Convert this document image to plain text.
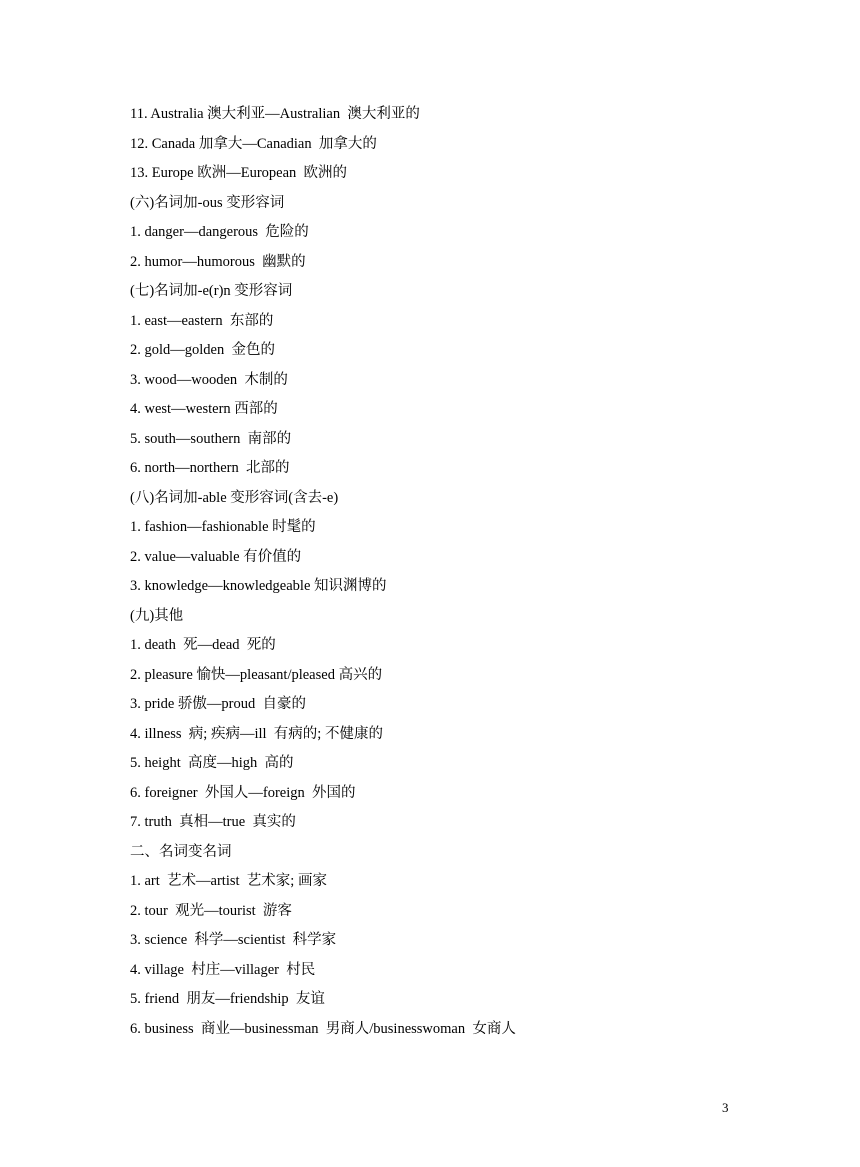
11. Australia 澳大利亚—Australian  澳大利亚的
12. Canada 加拿大—Canadian  加拿大的
13. Europe 欧洲—European  欧洲的
(六)名词加-ous 变形容词
1. danger—dangerous  危险的
2. humor—humorous  幽默的
(七)名词加-e(r)n 变形容词
1. east—eastern  东部的
2. gold—golden  金色的
3. wood—wooden  木制的
4. west—western 西部的
5. south—southern  南部的
6. north—northern  北部的
(八)名词加-able 变形容词(含去-e)
1. fashion—fashionable 时髦的
2. value—valuable 有价值的
3. knowledge—knowledgeable 知识渊博的
(九)其他
1. death  死—dead  死的
2. pleasure 愉快—pleasant/pleased 高兴的
3. pride 骄傲—proud  自豪的
4. illness  病; 疾病—ill  有病的; 不健康的
5. height  高度—high  高的
6. foreigner  外国人—foreign  外国的
7. truth  真相—true  真实的
二、名词变名词
1. art  艺术—artist  艺术家; 画家
2. tour  观光—tourist  游客
3. science  科学—scientist  科学家
4. village  村庄—villager  村民
5. friend  朋友—friendship  友谊
6. business  商业—businessman  男商人/businesswoman  女商人
3
